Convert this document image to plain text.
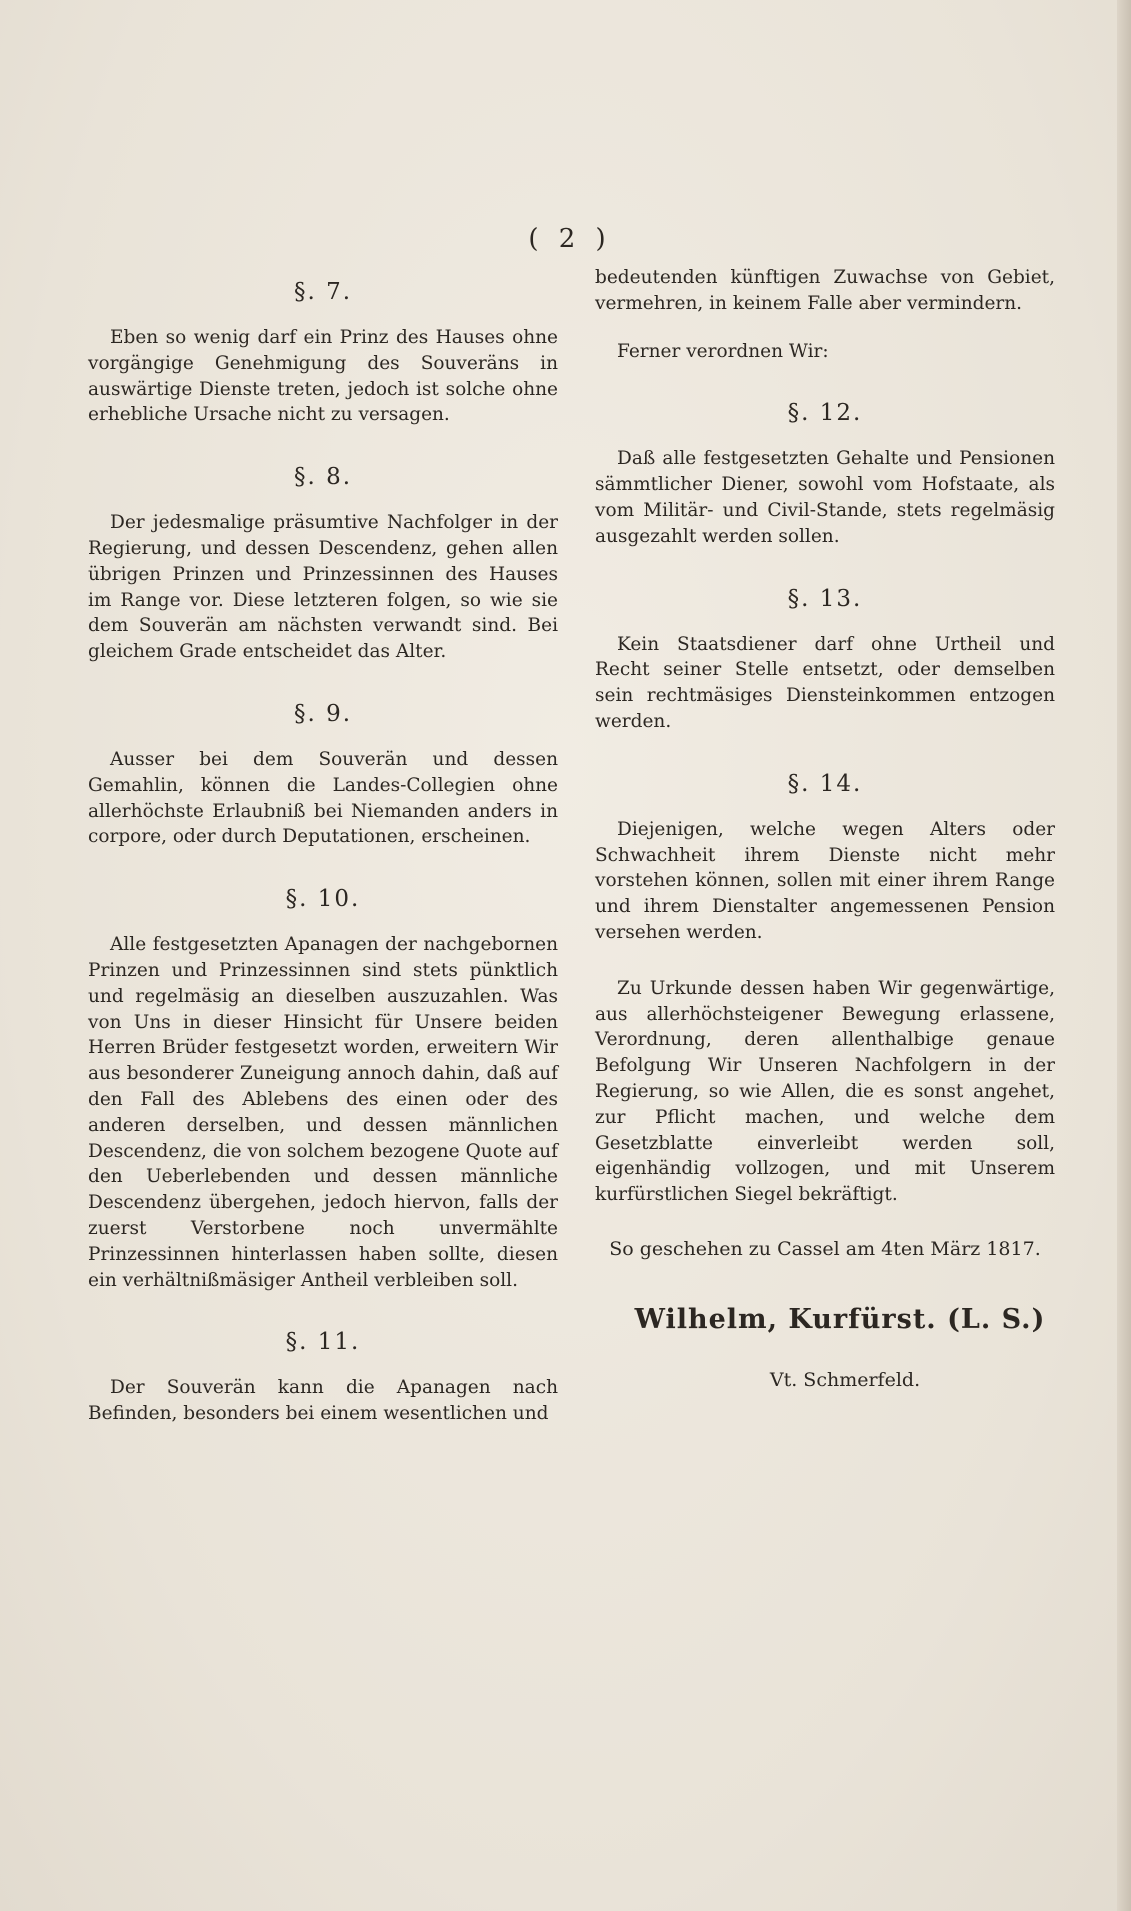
( 2 )
§. 7.

Eben so wenig darf ein Prinz des Hauses ohne vorgängige Genehmigung des Souveräns in auswärtige Dienste treten, jedoch ist solche ohne erhebliche Ursache nicht zu versagen.

§. 8.

Der jedesmalige präsumtive Nachfolger in der Regierung, und dessen Descendenz, gehen allen übrigen Prinzen und Prinzessinnen des Hauses im Range vor. Diese letzteren folgen, so wie sie dem Souverän am nächsten verwandt sind. Bei gleichem Grade entscheidet das Alter.

§. 9.

Ausser bei dem Souverän und dessen Gemahlin, können die Landes-Collegien ohne allerhöchste Erlaubniß bei Niemanden anders in corpore, oder durch Deputationen, erscheinen.

§. 10.

Alle festgesetzten Apanagen der nachgebornen Prinzen und Prinzessinnen sind stets pünktlich und regelmäsig an dieselben auszuzahlen. Was von Uns in dieser Hinsicht für Unsere beiden Herren Brüder festgesetzt worden, erweitern Wir aus besonderer Zuneigung annoch dahin, daß auf den Fall des Ablebens des einen oder des anderen derselben, und dessen männlichen Descendenz, die von solchem bezogene Quote auf den Ueberlebenden und dessen männliche Descendenz übergehen, jedoch hiervon, falls der zuerst Verstorbene noch unvermählte Prinzessinnen hinterlassen haben sollte, diesen ein verhältnißmäsiger Antheil verbleiben soll.

§. 11.

Der Souverän kann die Apanagen nach Befinden, besonders bei einem wesentlichen und

bedeutenden künftigen Zuwachse von Gebiet, vermehren, in keinem Falle aber vermindern.

Ferner verordnen Wir:

§. 12.

Daß alle festgesetzten Gehalte und Pensionen sämmtlicher Diener, sowohl vom Hofstaate, als vom Militär- und Civil-Stande, stets regelmäsig ausgezahlt werden sollen.

§. 13.

Kein Staatsdiener darf ohne Urtheil und Recht seiner Stelle entsetzt, oder demselben sein rechtmäsiges Diensteinkommen entzogen werden.

§. 14.

Diejenigen, welche wegen Alters oder Schwachheit ihrem Dienste nicht mehr vorstehen können, sollen mit einer ihrem Range und ihrem Dienstalter angemessenen Pension versehen werden.

Zu Urkunde dessen haben Wir gegenwärtige, aus allerhöchsteigener Bewegung erlassene, Verordnung, deren allenthalbige genaue Befolgung Wir Unseren Nachfolgern in der Regierung, so wie Allen, die es sonst angehet, zur Pflicht machen, und welche dem Gesetzblatte einverleibt werden soll, eigenhändig vollzogen, und mit Unserem kurfürstlichen Siegel bekräftigt.

So geschehen zu Cassel am 4ten März 1817.
Wilhelm, Kurfürst. (L. S.)
Vt. Schmerfeld.
